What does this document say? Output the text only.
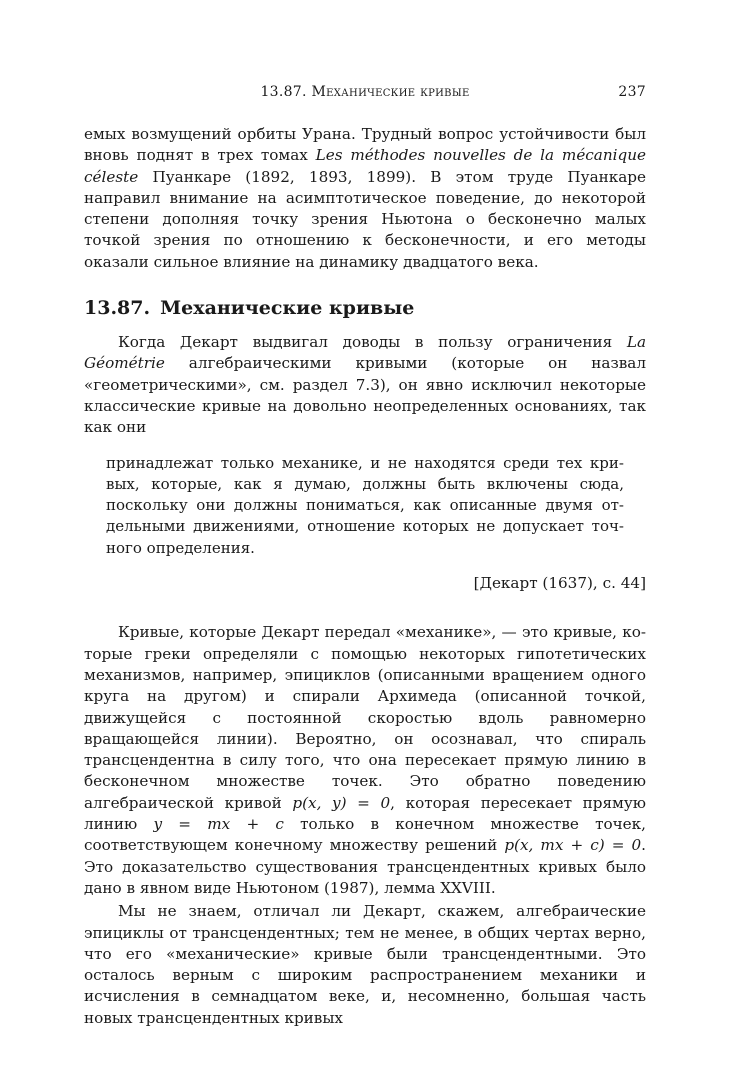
13.87. Механические кривые	237

емых возмущений орбиты Урана. Трудный вопрос устойчивости был вновь поднят в трех томах Les méthodes nouvelles de la mécanique céleste Пуанкаре (1892, 1893, 1899). В этом труде Пуанкаре направил внимание на асимптотическое поведение, до некоторой степени дополняя точку зрения Ньютона о бесконечно малых точкой зрения по отношению к бесконечности, и его методы оказали сильное влияние на динамику двадцатого века.

13.87. Механические кривые

Когда Декарт выдвигал доводы в пользу ограничения La Géométrie алгебраическими кривыми (которые он назвал «геометрическими», см. раздел 7.3), он явно исключил некоторые классические кривые на довольно неопределенных основаниях, так как они

принадлежат только механике, и не находятся среди тех кривых, которые, как я думаю, должны быть включены сюда, поскольку они должны пониматься, как описанные двумя отдельными движениями, отношение которых не допускает точного определения.

[Декарт (1637), с. 44]

Кривые, которые Декарт передал «механике», — это кривые, которые греки определяли с помощью некоторых гипотетических механизмов, например, эпициклов (описанными вращением одного круга на другом) и спирали Архимеда (описанной точкой, движущейся с постоянной скоростью вдоль равномерно вращающейся линии). Вероятно, он осознавал, что спираль трансцендентна в силу того, что она пересекает прямую линию в бесконечном множестве точек. Это обратно поведению алгебраической кривой p(x, y) = 0, которая пересекает прямую линию y = mx + c только в конечном множестве точек, соответствующем конечному множеству решений p(x, mx + c) = 0. Это доказательство существования трансцендентных кривых было дано в явном виде Ньютоном (1987), лемма XXVIII.

Мы не знаем, отличал ли Декарт, скажем, алгебраические эпициклы от трансцендентных; тем не менее, в общих чертах верно, что его «механические» кривые были трансцендентными. Это осталось верным с широким распространением механики и исчисления в семнадцатом веке, и, несомненно, большая часть новых трансцендентных кривых
